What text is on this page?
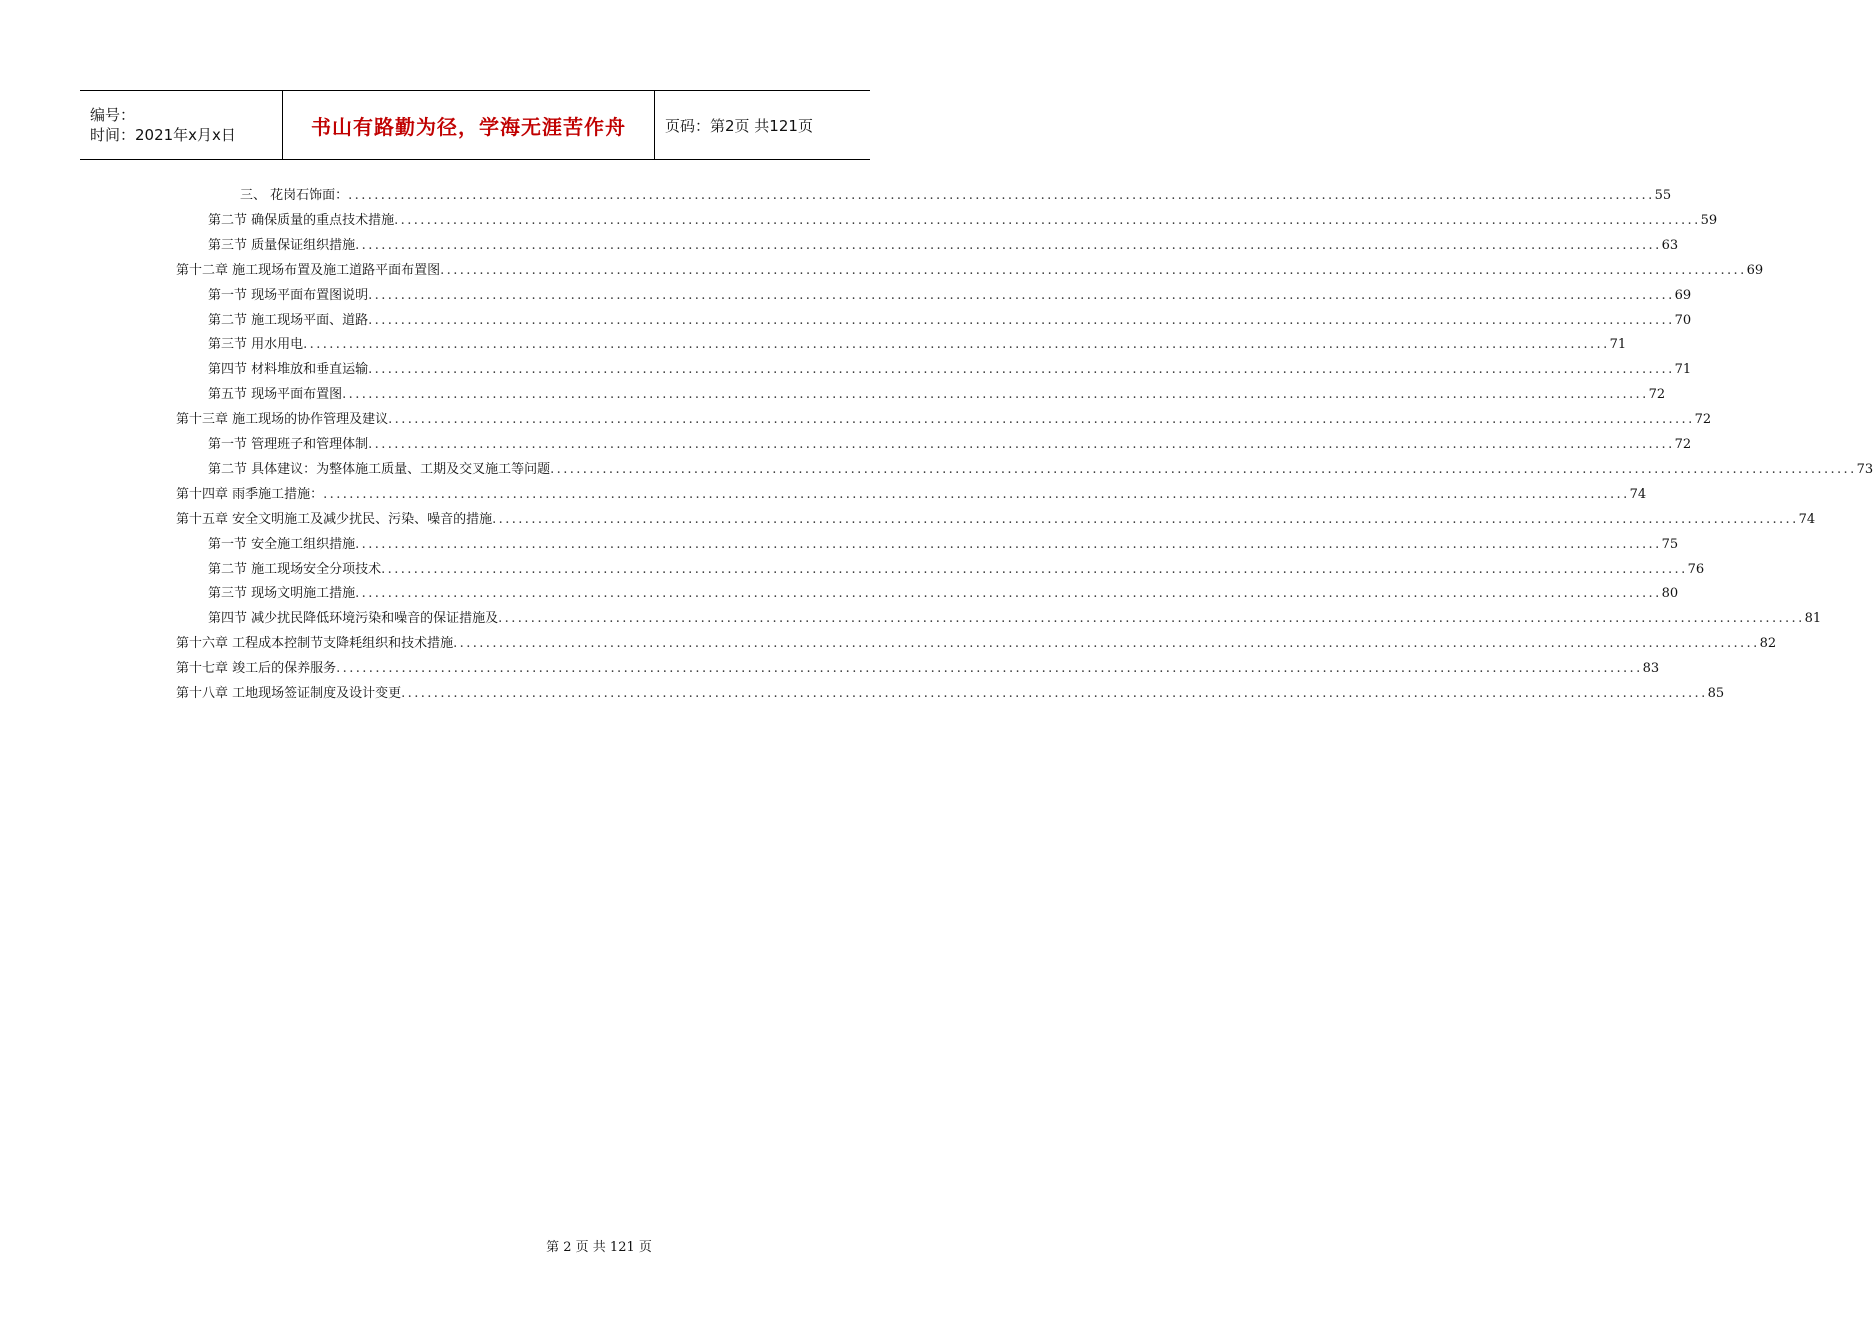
编号：
时间：2021年x月x日	书山有路勤为径，学海无涯苦作舟	页码：第2页 共121页
三、 花岗石饰面： ........................................................................................................................................................................................................ 55
第二节 确保质量的重点技术措施 ........................................................................................................................................................................................................ 59
第三节 质量保证组织措施 ........................................................................................................................................................................................................ 63
第十二章 施工现场布置及施工道路平面布置图 ........................................................................................................................................................................................................ 69
第一节 现场平面布置图说明 ........................................................................................................................................................................................................ 69
第二节 施工现场平面、道路 ........................................................................................................................................................................................................ 70
第三节 用水用电 ........................................................................................................................................................................................................ 71
第四节 材料堆放和垂直运输 ........................................................................................................................................................................................................ 71
第五节 现场平面布置图 ........................................................................................................................................................................................................ 72
第十三章 施工现场的协作管理及建议 ........................................................................................................................................................................................................ 72
第一节 管理班子和管理体制 ........................................................................................................................................................................................................ 72
第二节 具体建议：为整体施工质量、工期及交叉施工等问题 ........................................................................................................................................................................................................ 73
第十四章 雨季施工措施： ........................................................................................................................................................................................................ 74
第十五章 安全文明施工及减少扰民、污染、噪音的措施 ........................................................................................................................................................................................................ 74
第一节 安全施工组织措施 ........................................................................................................................................................................................................ 75
第二节 施工现场安全分项技术 ........................................................................................................................................................................................................ 76
第三节 现场文明施工措施 ........................................................................................................................................................................................................ 80
第四节 减少扰民降低环境污染和噪音的保证措施及 ........................................................................................................................................................................................................ 81
第十六章 工程成本控制节支降耗组织和技术措施 ........................................................................................................................................................................................................ 82
第十七章 竣工后的保养服务 ........................................................................................................................................................................................................ 83
第十八章 工地现场签证制度及设计变更 ........................................................................................................................................................................................................ 85
第 2 页 共 121 页
